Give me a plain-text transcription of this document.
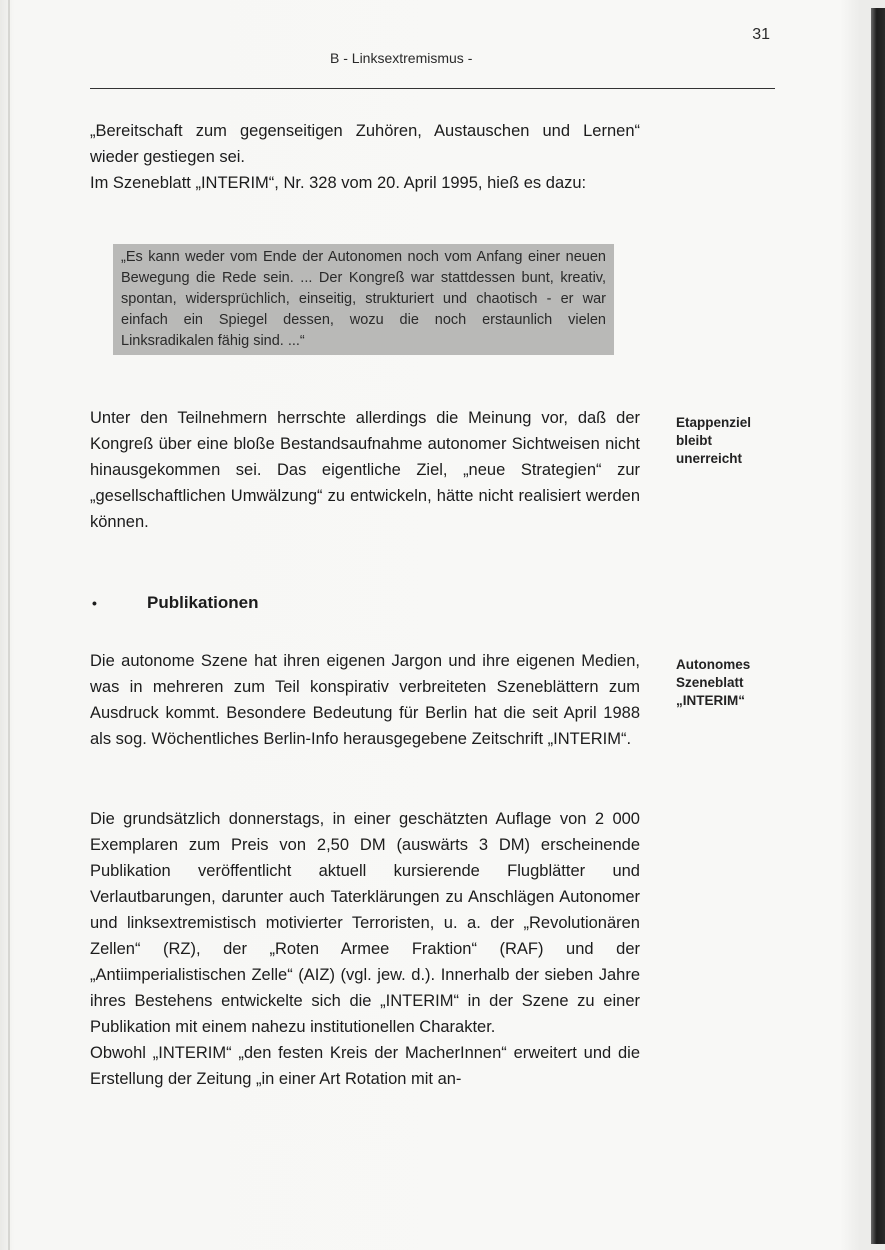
31
B - Linksextremismus -

„Bereitschaft zum gegenseitigen Zuhören, Austauschen und Lernen“ wieder gestiegen sei.

Im Szeneblatt „INTERIM“, Nr. 328 vom 20. April 1995, hieß es dazu:

„Es kann weder vom Ende der Autonomen noch vom Anfang einer neuen Bewegung die Rede sein. ... Der Kongreß war stattdessen bunt, kreativ, spontan, widersprüchlich, einseitig, strukturiert und chaotisch - er war einfach ein Spiegel dessen, wozu die noch erstaunlich vielen Linksradikalen fähig sind. ...“
Unter den Teilnehmern herrschte allerdings die Meinung vor, daß der Kongreß über eine bloße Bestandsaufnahme autonomer Sichtweisen nicht hinausgekommen sei. Das eigentliche Ziel, „neue Strategien“ zur „gesellschaftlichen Umwälzung“ zu entwickeln, hätte nicht realisiert werden können.
Etappenziel
bleibt
unerreicht
•	Publikationen
Die autonome Szene hat ihren eigenen Jargon und ihre eigenen Medien, was in mehreren zum Teil konspirativ verbreiteten Szeneblättern zum Ausdruck kommt. Besondere Bedeutung für Berlin hat die seit April 1988 als sog. Wöchentliches Berlin-Info herausgegebene Zeitschrift „INTERIM“.
Autonomes
Szeneblatt
„INTERIM“

Die grundsätzlich donnerstags, in einer geschätzten Auflage von 2 000 Exemplaren zum Preis von 2,50 DM (auswärts 3 DM) erscheinende Publikation veröffentlicht aktuell kursierende Flugblätter und Verlautbarungen, darunter auch Taterklärungen zu Anschlägen Autonomer und linksextremistisch motivierter Terroristen, u. a. der „Revolutionären Zellen“ (RZ), der „Roten Armee Fraktion“ (RAF) und der „Antiimperialistischen Zelle“ (AIZ) (vgl. jew. d.). Innerhalb der sieben Jahre ihres Bestehens entwickelte sich die „INTERIM“ in der Szene zu einer Publikation mit einem nahezu institutionellen Charakter.

Obwohl „INTERIM“ „den festen Kreis der MacherInnen“ erweitert und die Erstellung der Zeitung „in einer Art Rotation mit an-
